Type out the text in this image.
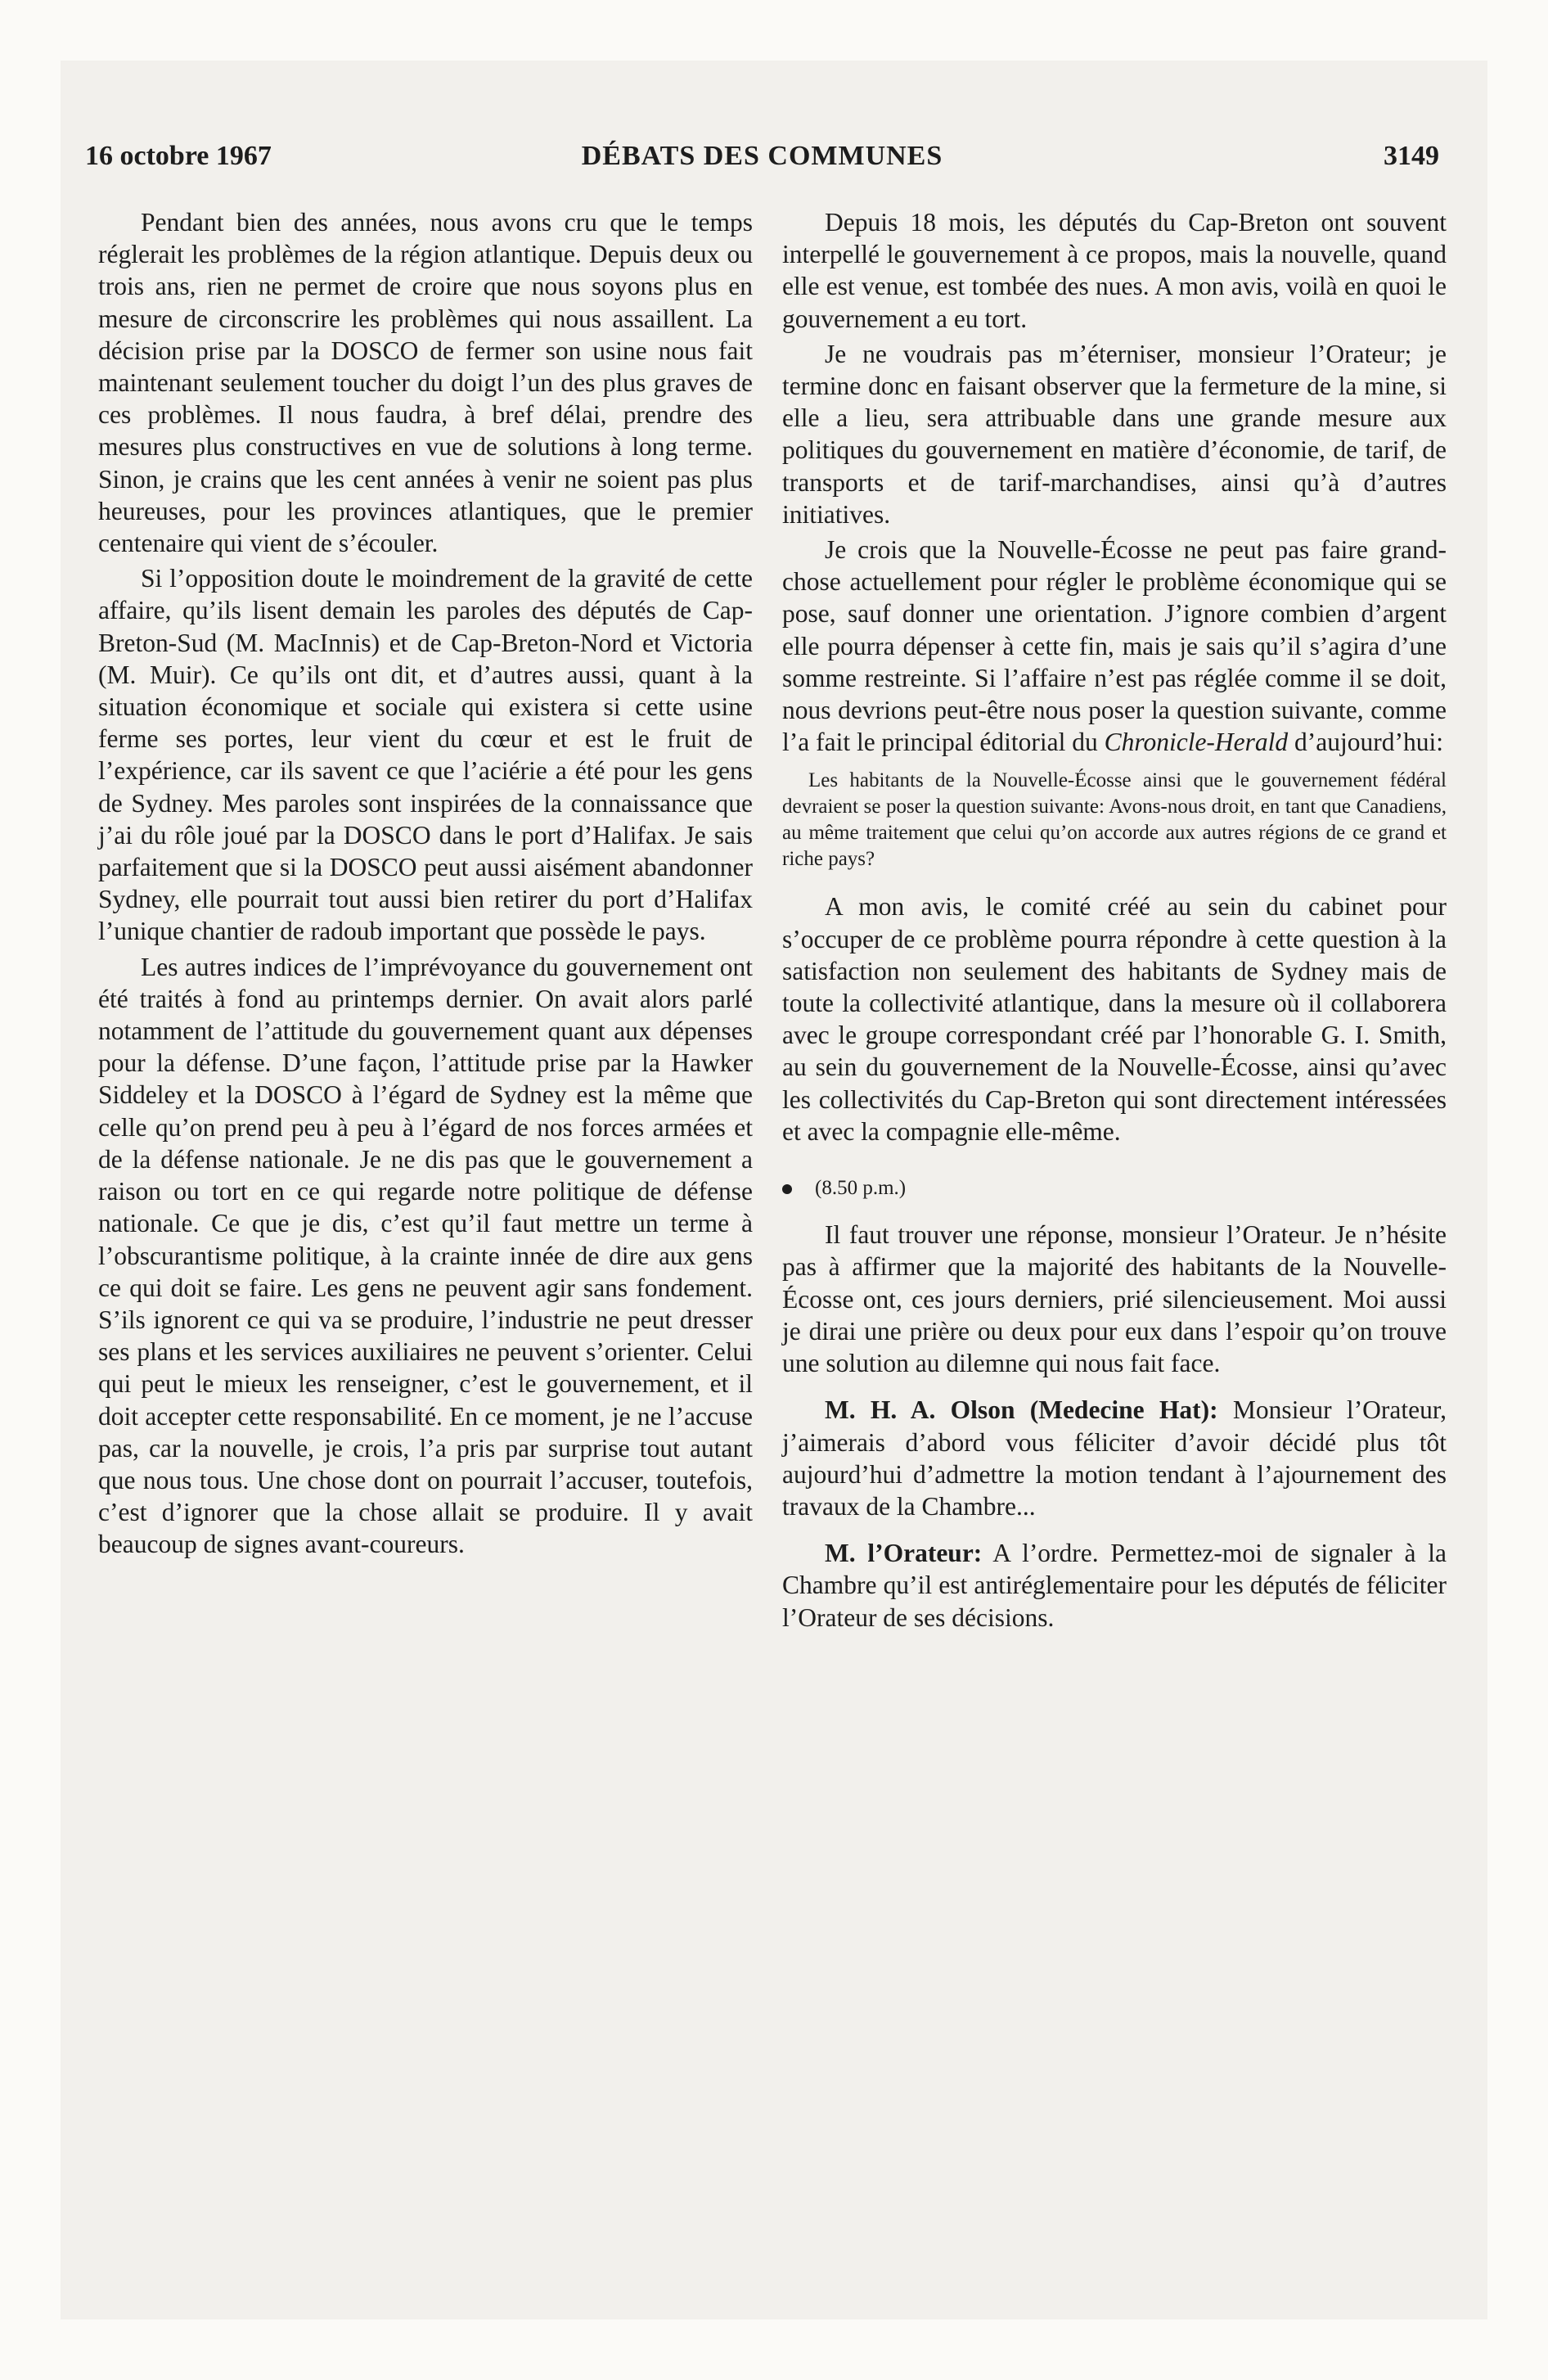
16 octobre 1967	DÉBATS DES COMMUNES	3149

Pendant bien des années, nous avons cru que le temps réglerait les problèmes de la région atlantique. Depuis deux ou trois ans, rien ne permet de croire que nous soyons plus en mesure de circonscrire les problèmes qui nous assaillent. La décision prise par la DOSCO de fermer son usine nous fait maintenant seulement toucher du doigt l’un des plus graves de ces problèmes. Il nous faudra, à bref délai, prendre des mesures plus constructives en vue de solutions à long terme. Sinon, je crains que les cent années à venir ne soient pas plus heureuses, pour les provinces atlantiques, que le premier centenaire qui vient de s’écouler.

Si l’opposition doute le moindrement de la gravité de cette affaire, qu’ils lisent demain les paroles des députés de Cap-Breton-Sud (M. MacInnis) et de Cap-Breton-Nord et Victoria (M. Muir). Ce qu’ils ont dit, et d’autres aussi, quant à la situation économique et sociale qui existera si cette usine ferme ses portes, leur vient du cœur et est le fruit de l’expérience, car ils savent ce que l’aciérie a été pour les gens de Sydney. Mes paroles sont inspirées de la connaissance que j’ai du rôle joué par la DOSCO dans le port d’Halifax. Je sais parfaitement que si la DOSCO peut aussi aisément abandonner Sydney, elle pourrait tout aussi bien retirer du port d’Halifax l’unique chantier de radoub important que possède le pays.

Les autres indices de l’imprévoyance du gouvernement ont été traités à fond au printemps dernier. On avait alors parlé notamment de l’attitude du gouvernement quant aux dépenses pour la défense. D’une façon, l’attitude prise par la Hawker Siddeley et la DOSCO à l’égard de Sydney est la même que celle qu’on prend peu à peu à l’égard de nos forces armées et de la défense nationale. Je ne dis pas que le gouvernement a raison ou tort en ce qui regarde notre politique de défense nationale. Ce que je dis, c’est qu’il faut mettre un terme à l’obscurantisme politique, à la crainte innée de dire aux gens ce qui doit se faire. Les gens ne peuvent agir sans fondement. S’ils ignorent ce qui va se produire, l’industrie ne peut dresser ses plans et les services auxiliaires ne peuvent s’orienter. Celui qui peut le mieux les renseigner, c’est le gouvernement, et il doit accepter cette responsabilité. En ce moment, je ne l’accuse pas, car la nouvelle, je crois, l’a pris par surprise tout autant que nous tous. Une chose dont on pourrait l’accuser, toutefois, c’est d’ignorer que la chose allait se produire. Il y avait beaucoup de signes avant-coureurs.

Depuis 18 mois, les députés du Cap-Breton ont souvent interpellé le gouvernement à ce propos, mais la nouvelle, quand elle est venue, est tombée des nues. A mon avis, voilà en quoi le gouvernement a eu tort.

Je ne voudrais pas m’éterniser, monsieur l’Orateur; je termine donc en faisant observer que la fermeture de la mine, si elle a lieu, sera attribuable dans une grande mesure aux politiques du gouvernement en matière d’économie, de tarif, de transports et de tarif-marchandises, ainsi qu’à d’autres initiatives.

Je crois que la Nouvelle-Écosse ne peut pas faire grand-chose actuellement pour régler le problème économique qui se pose, sauf donner une orientation. J’ignore combien d’argent elle pourra dépenser à cette fin, mais je sais qu’il s’agira d’une somme restreinte. Si l’affaire n’est pas réglée comme il se doit, nous devrions peut-être nous poser la question suivante, comme l’a fait le principal éditorial du Chronicle-Herald d’aujourd’hui:

Les habitants de la Nouvelle-Écosse ainsi que le gouvernement fédéral devraient se poser la question suivante: Avons-nous droit, en tant que Canadiens, au même traitement que celui qu’on accorde aux autres régions de ce grand et riche pays?

A mon avis, le comité créé au sein du cabinet pour s’occuper de ce problème pourra répondre à cette question à la satisfaction non seulement des habitants de Sydney mais de toute la collectivité atlantique, dans la mesure où il collaborera avec le groupe correspondant créé par l’honorable G. I. Smith, au sein du gouvernement de la Nouvelle-Écosse, ainsi qu’avec les collectivités du Cap-Breton qui sont directement intéressées et avec la compagnie elle-même.

(8.50 p.m.)

Il faut trouver une réponse, monsieur l’Orateur. Je n’hésite pas à affirmer que la majorité des habitants de la Nouvelle-Écosse ont, ces jours derniers, prié silencieusement. Moi aussi je dirai une prière ou deux pour eux dans l’espoir qu’on trouve une solution au dilemne qui nous fait face.

M. H. A. Olson (Medecine Hat): Monsieur l’Orateur, j’aimerais d’abord vous féliciter d’avoir décidé plus tôt aujourd’hui d’admettre la motion tendant à l’ajournement des travaux de la Chambre...

M. l’Orateur: A l’ordre. Permettez-moi de signaler à la Chambre qu’il est antiréglementaire pour les députés de féliciter l’Orateur de ses décisions.
